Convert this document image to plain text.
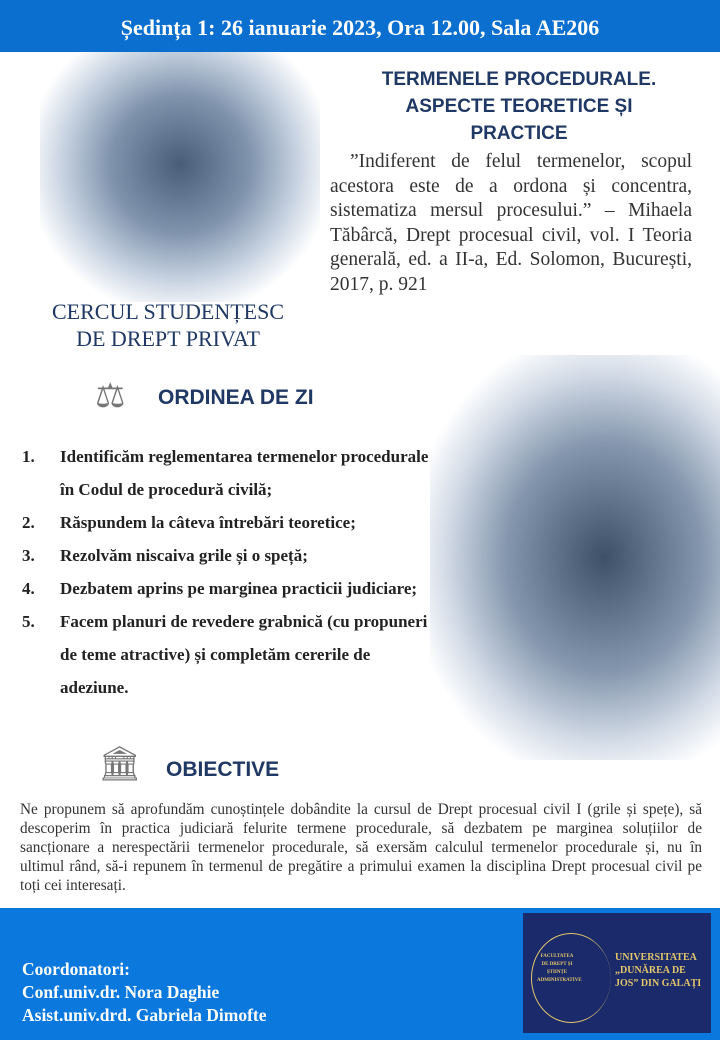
Ședința 1: 26 ianuarie 2023, Ora 12.00, Sala AE206
CERCUL STUDENȚESC
DE DREPT PRIVAT
TERMENELE PROCEDURALE.
ASPECTE TEORETICE ȘI
PRACTICE
”Indiferent de felul termenelor, scopul acestora este de a ordona și concentra, sistematiza mersul procesului.” – Mihaela Tăbârcă, Drept procesual civil, vol. I Teoria generală, ed. a II-a, Ed. Solomon, București, 2017, p. 921
⚖ ORDINEA DE ZI
1.	Identificăm reglementarea termenelor procedurale în Codul de procedură civilă;
2.	Răspundem la câteva întrebări teoretice;
3.	Rezolvăm niscaiva grile și o speță;
4.	Dezbatem aprins pe marginea practicii judiciare;
5.	Facem planuri de revedere grabnică (cu propuneri de teme atractive) și completăm cererile de adeziune.
🏛 OBIECTIVE
Ne propunem să aprofundăm cunoștințele dobândite la cursul de Drept procesual civil I (grile și spețe), să descoperim în practica judiciară felurite termene procedurale, să dezbatem pe marginea soluțiilor de sancționare a nerespectării termenelor procedurale, să exersăm calculul termenelor procedurale și, nu în ultimul rând, să-i repunem în termenul de pregătire a primului examen la disciplina Drept procesual civil pe toți cei interesați.
Coordonatori:
Conf.univ.dr. Nora Daghie
Asist.univ.drd. Gabriela Dimofte
FACULTATEA DE DREPT ȘI ȘTIINȚE ADMINISTRATIVE
UNIVERSITATEA „DUNĂREA DE JOS” DIN GALAȚI
